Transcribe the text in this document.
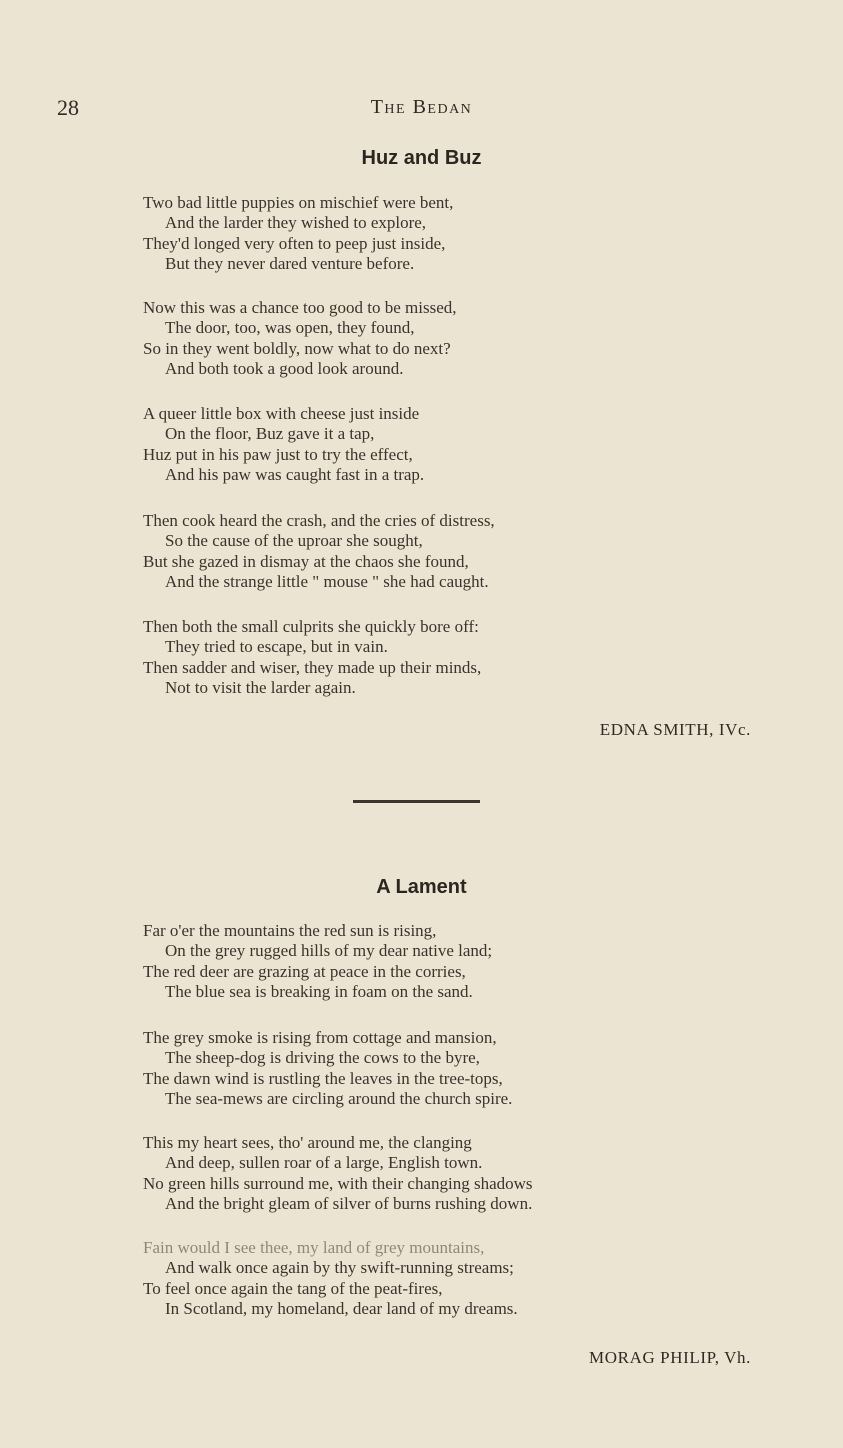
28	The Bedan
Huz and Buz
Two bad little puppies on mischief were bent,
And the larder they wished to explore,
They'd longed very often to peep just inside,
But they never dared venture before.
Now this was a chance too good to be missed,
The door, too, was open, they found,
So in they went boldly, now what to do next?
And both took a good look around.
A queer little box with cheese just inside
On the floor, Buz gave it a tap,
Huz put in his paw just to try the effect,
And his paw was caught fast in a trap.
Then cook heard the crash, and the cries of distress,
So the cause of the uproar she sought,
But she gazed in dismay at the chaos she found,
And the strange little " mouse " she had caught.
Then both the small culprits she quickly bore off:
They tried to escape, but in vain.
Then sadder and wiser, they made up their minds,
Not to visit the larder again.
EDNA SMITH, IVc.
A Lament
Far o'er the mountains the red sun is rising,
On the grey rugged hills of my dear native land;
The red deer are grazing at peace in the corries,
The blue sea is breaking in foam on the sand.
The grey smoke is rising from cottage and mansion,
The sheep-dog is driving the cows to the byre,
The dawn wind is rustling the leaves in the tree-tops,
The sea-mews are circling around the church spire.
This my heart sees, tho' around me, the clanging
And deep, sullen roar of a large, English town.
No green hills surround me, with their changing shadows
And the bright gleam of silver of burns rushing down.
Fain would I see thee, my land of grey mountains,
And walk once again by thy swift-running streams;
To feel once again the tang of the peat-fires,
In Scotland, my homeland, dear land of my dreams.
MORAG PHILIP, Vh.
